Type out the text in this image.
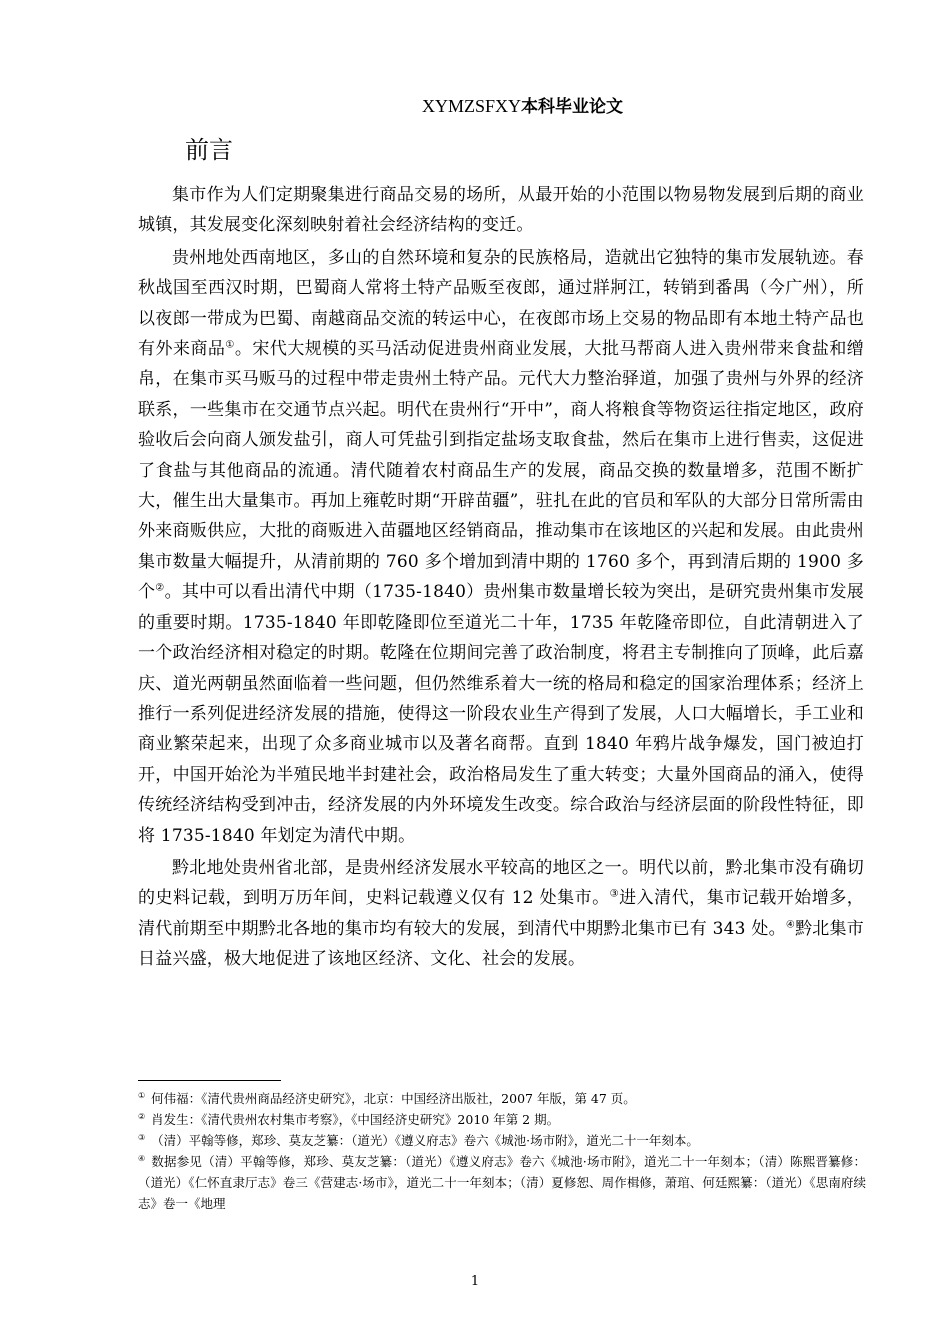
XYMZSFXY本科毕业论文
前言

集市作为人们定期聚集进行商品交易的场所，从最开始的小范围以物易物发展到后期的商业城镇，其发展变化深刻映射着社会经济结构的变迁。

贵州地处西南地区，多山的自然环境和复杂的民族格局，造就出它独特的集市发展轨迹。春秋战国至西汉时期，巴蜀商人常将土特产品贩至夜郎，通过牂牁江，转销到番禺（今广州），所以夜郎一带成为巴蜀、南越商品交流的转运中心，在夜郎市场上交易的物品即有本地土特产品也有外来商品①。宋代大规模的买马活动促进贵州商业发展，大批马帮商人进入贵州带来食盐和缯帛，在集市买马贩马的过程中带走贵州土特产品。元代大力整治驿道，加强了贵州与外界的经济联系，一些集市在交通节点兴起。明代在贵州行“开中”，商人将粮食等物资运往指定地区，政府验收后会向商人颁发盐引，商人可凭盐引到指定盐场支取食盐，然后在集市上进行售卖，这促进了食盐与其他商品的流通。清代随着农村商品生产的发展，商品交换的数量增多，范围不断扩大，催生出大量集市。再加上雍乾时期“开辟苗疆”，驻扎在此的官员和军队的大部分日常所需由外来商贩供应，大批的商贩进入苗疆地区经销商品，推动集市在该地区的兴起和发展。由此贵州集市数量大幅提升，从清前期的 760 多个增加到清中期的 1760 多个，再到清后期的 1900 多个②。其中可以看出清代中期（1735-1840）贵州集市数量增长较为突出，是研究贵州集市发展的重要时期。1735-1840 年即乾隆即位至道光二十年，1735 年乾隆帝即位，自此清朝进入了一个政治经济相对稳定的时期。乾隆在位期间完善了政治制度，将君主专制推向了顶峰，此后嘉庆、道光两朝虽然面临着一些问题，但仍然维系着大一统的格局和稳定的国家治理体系；经济上推行一系列促进经济发展的措施，使得这一阶段农业生产得到了发展，人口大幅增长，手工业和商业繁荣起来，出现了众多商业城市以及著名商帮。直到 1840 年鸦片战争爆发，国门被迫打开，中国开始沦为半殖民地半封建社会，政治格局发生了重大转变；大量外国商品的涌入，使得传统经济结构受到冲击，经济发展的内外环境发生改变。综合政治与经济层面的阶段性特征，即将 1735-1840 年划定为清代中期。

黔北地处贵州省北部，是贵州经济发展水平较高的地区之一。明代以前，黔北集市没有确切的史料记载，到明万历年间，史料记载遵义仅有 12 处集市。③进入清代，集市记载开始增多，清代前期至中期黔北各地的集市均有较大的发展，到清代中期黔北集市已有 343 处。④黔北集市日益兴盛，极大地促进了该地区经济、文化、社会的发展。

① 何伟福：《清代贵州商品经济史研究》，北京：中国经济出版社，2007 年版，第 47 页。

② 肖发生：《清代贵州农村集市考察》，《中国经济史研究》2010 年第 2 期。

③ （清）平翰等修，郑珍、莫友芝纂：（道光）《遵义府志》卷六《城池·场市附》，道光二十一年刻本。

④ 数据参见（清）平翰等修，郑珍、莫友芝纂：（道光）《遵义府志》卷六《城池·场市附》，道光二十一年刻本；（清）陈熙晋纂修：（道光）《仁怀直隶厅志》卷三《营建志·场市》，道光二十一年刻本；（清）夏修恕、周作楫修，萧琯、何廷熙纂：（道光）《思南府续志》卷一《地理

1
